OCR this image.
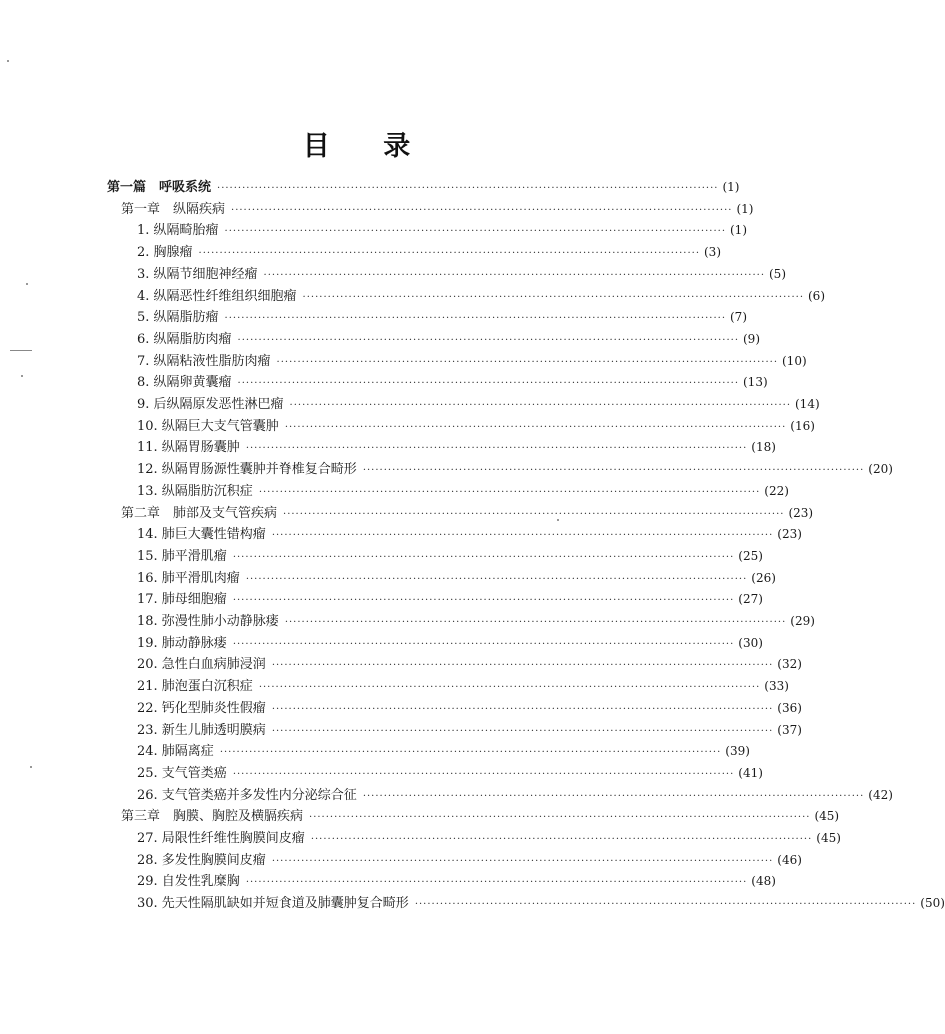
目 录
第一篇　呼吸系统 ························································································································ (1)
第一章　纵隔疾病 ························································································································ (1)
1. 纵隔畸胎瘤 ························································································································ (1)
2. 胸腺瘤 ························································································································ (3)
3. 纵隔节细胞神经瘤 ························································································································ (5)
4. 纵隔恶性纤维组织细胞瘤 ························································································································ (6)
5. 纵隔脂肪瘤 ························································································································ (7)
6. 纵隔脂肪肉瘤 ························································································································ (9)
7. 纵隔粘液性脂肪肉瘤 ························································································································ (10)
8. 纵隔卵黄囊瘤 ························································································································ (13)
9. 后纵隔原发恶性淋巴瘤 ························································································································ (14)
10. 纵隔巨大支气管囊肿 ························································································································ (16)
11. 纵隔胃肠囊肿 ························································································································ (18)
12. 纵隔胃肠源性囊肿并脊椎复合畸形 ························································································································ (20)
13. 纵隔脂肪沉积症 ························································································································ (22)
第二章　肺部及支气管疾病 ························································································································ (23)
14. 肺巨大囊性错构瘤 ························································································································ (23)
15. 肺平滑肌瘤 ························································································································ (25)
16. 肺平滑肌肉瘤 ························································································································ (26)
17. 肺母细胞瘤 ························································································································ (27)
18. 弥漫性肺小动静脉瘘 ························································································································ (29)
19. 肺动静脉瘘 ························································································································ (30)
20. 急性白血病肺浸润 ························································································································ (32)
21. 肺泡蛋白沉积症 ························································································································ (33)
22. 钙化型肺炎性假瘤 ························································································································ (36)
23. 新生儿肺透明膜病 ························································································································ (37)
24. 肺隔离症 ························································································································ (39)
25. 支气管类癌 ························································································································ (41)
26. 支气管类癌并多发性内分泌综合征 ························································································································ (42)
第三章　胸膜、胸腔及横膈疾病 ························································································································ (45)
27. 局限性纤维性胸膜间皮瘤 ························································································································ (45)
28. 多发性胸膜间皮瘤 ························································································································ (46)
29. 自发性乳糜胸 ························································································································ (48)
30. 先天性隔肌缺如并短食道及肺囊肿复合畸形 ························································································································ (50)
